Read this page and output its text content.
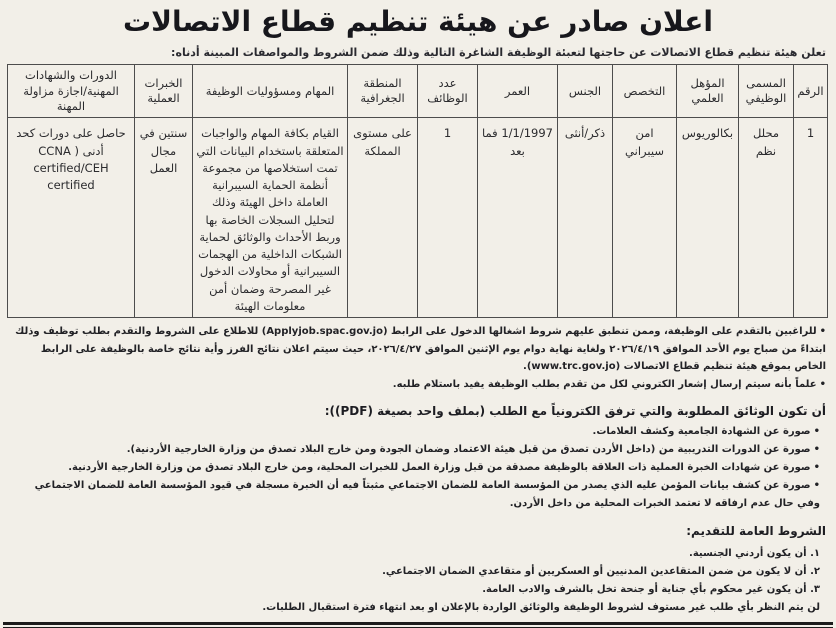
اعلان صادر عن هيئة تنظيم قطاع الاتصالات
تعلن هيئة تنظيم قطاع الاتصالات عن حاجتها لتعبئة الوظيفة الشاغرة التالية وذلك ضمن الشروط والمواصفات المبينة أدناه:
الرقم	المسمى الوظيفي	المؤهل العلمي	التخصص	الجنس	العمر	عدد الوظائف	المنطقة الجغرافية	المهام ومسؤوليات الوظيفة	الخبرات العملية	الدورات والشهادات المهنية/اجازة مزاولة المهنة
1	محلل نظم	بكالوريوس	امن سيبراني	ذكر/أنثى	1/1/1997 فما بعد	1	على مستوى المملكة	القيام بكافة المهام والواجبات المتعلقة باستخدام البيانات التي تمت استخلاصها من مجموعة أنظمة الحماية السيبرانية العاملة داخل الهيئة وذلك لتحليل السجلات الخاصة بها وربط الأحداث والوثائق لحماية الشبكات الداخلية من الهجمات السيبرانية أو محاولات الدخول غير المصرحة وضمان أمن معلومات الهيئة	سنتين في مجال العمل	حاصل على دورات كحد أدنى ( CCNA certified/CEH certified
•للراغبين بالتقدم على الوظيفة، وممن تنطبق عليهم شروط اشغالها الدخول على الرابط (Applyjob.spac.gov.jo) للاطلاع على الشروط والتقدم بطلب توظيف وذلك ابتداءً من صباح يوم الأحد الموافق ٢٠٢٦/٤/١٩ ولغاية نهاية دوام يوم الإثنين الموافق ٢٠٢٦/٤/٢٧، حيث سيتم اعلان نتائج الفرز وأية نتائج خاصة بالوظيفة على الرابط الخاص بموقع هيئة تنظيم قطاع الاتصالات (www.trc.gov.jo).
•علماً بأنه سيتم إرسال إشعار الكتروني لكل من تقدم بطلب الوظيفة يفيد باستلام طلبه.
أن تكون الوثائق المطلوبة والتي ترفق الكترونياً مع الطلب (بملف واحد بصيغة (PDF)):
•صورة عن الشهادة الجامعية وكشف العلامات.
•صورة عن الدورات التدريبية من (داخل الأردن تصدق من قبل هيئة الاعتماد وضمان الجودة ومن خارج البلاد تصدق من وزارة الخارجية الأردنية).
•صورة عن شهادات الخبرة العملية ذات العلاقة بالوظيفة مصدقة من قبل وزارة العمل للخبرات المحلية، ومن خارج البلاد تصدق من وزارة الخارجية الأردنية.
•صورة عن كشف بيانات المؤمن عليه الذي يصدر من المؤسسة العامة للضمان الاجتماعي مثبتاً فيه أن الخبرة مسجلة في قيود المؤسسة العامة للضمان الاجتماعي وفي حال عدم ارفاقه لا تعتمد الخبرات المحلية من داخل الأردن.
الشروط العامة للتقديم:
١. أن يكون أردني الجنسية.
٢. أن لا يكون من ضمن المتقاعدين المدنيين أو العسكريين أو متقاعدي الضمان الاجتماعي.
٣. أن يكون غير محكوم بأي جناية أو جنحة تخل بالشرف والادب العامة.
لن يتم النظر بأي طلب غير مستوف لشروط الوظيفة والوثائق الواردة بالإعلان او بعد انتهاء فترة استقبال الطلبات.
